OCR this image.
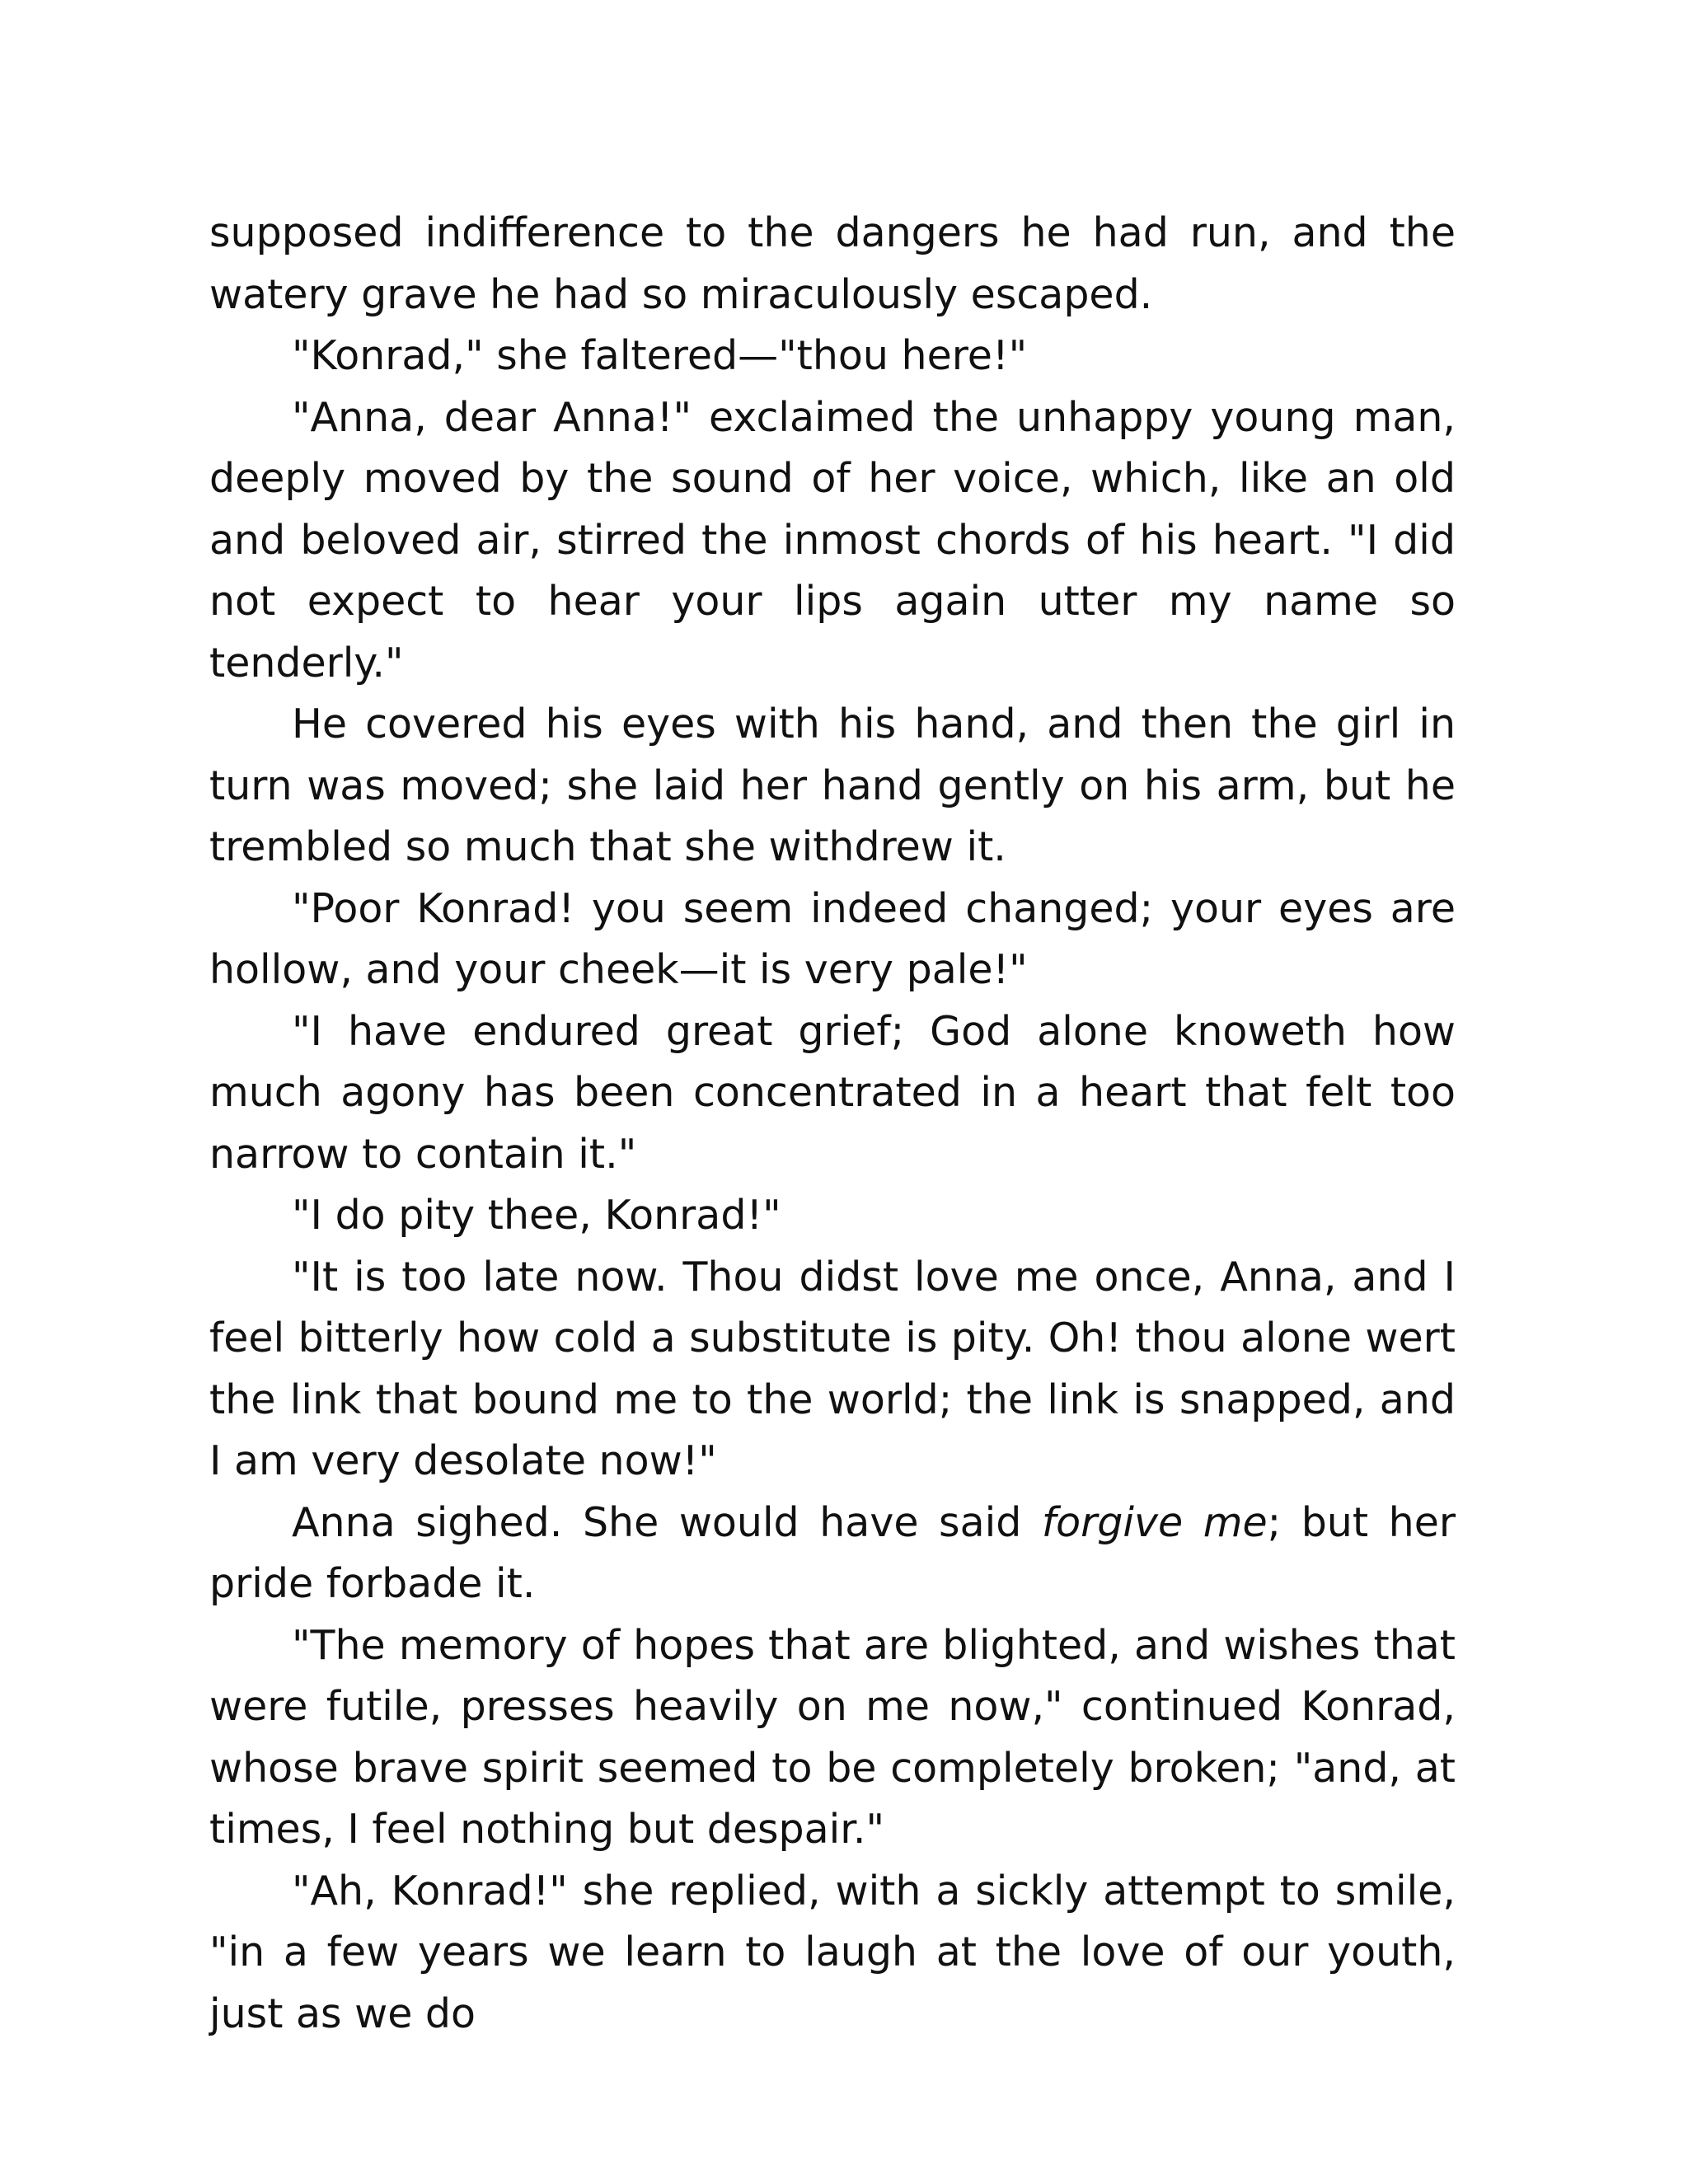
supposed indifference to the dangers he had run, and the watery grave he had so miraculously escaped.

"Konrad," she faltered—"thou here!"

"Anna, dear Anna!" exclaimed the unhappy young man, deeply moved by the sound of her voice, which, like an old and beloved air, stirred the inmost chords of his heart. "I did not expect to hear your lips again utter my name so tenderly."

He covered his eyes with his hand, and then the girl in turn was moved; she laid her hand gently on his arm, but he trembled so much that she withdrew it.

"Poor Konrad! you seem indeed changed; your eyes are hollow, and your cheek—it is very pale!"

"I have endured great grief; God alone knoweth how much agony has been concentrated in a heart that felt too narrow to contain it."

"I do pity thee, Konrad!"

"It is too late now. Thou didst love me once, Anna, and I feel bitterly how cold a substitute is pity. Oh! thou alone wert the link that bound me to the world; the link is snapped, and I am very desolate now!"

Anna sighed. She would have said forgive me; but her pride forbade it.

"The memory of hopes that are blighted, and wishes that were futile, presses heavily on me now," continued Konrad, whose brave spirit seemed to be completely broken; "and, at times, I feel nothing but despair."

"Ah, Konrad!" she replied, with a sickly attempt to smile, "in a few years we learn to laugh at the love of our youth, just as we do
